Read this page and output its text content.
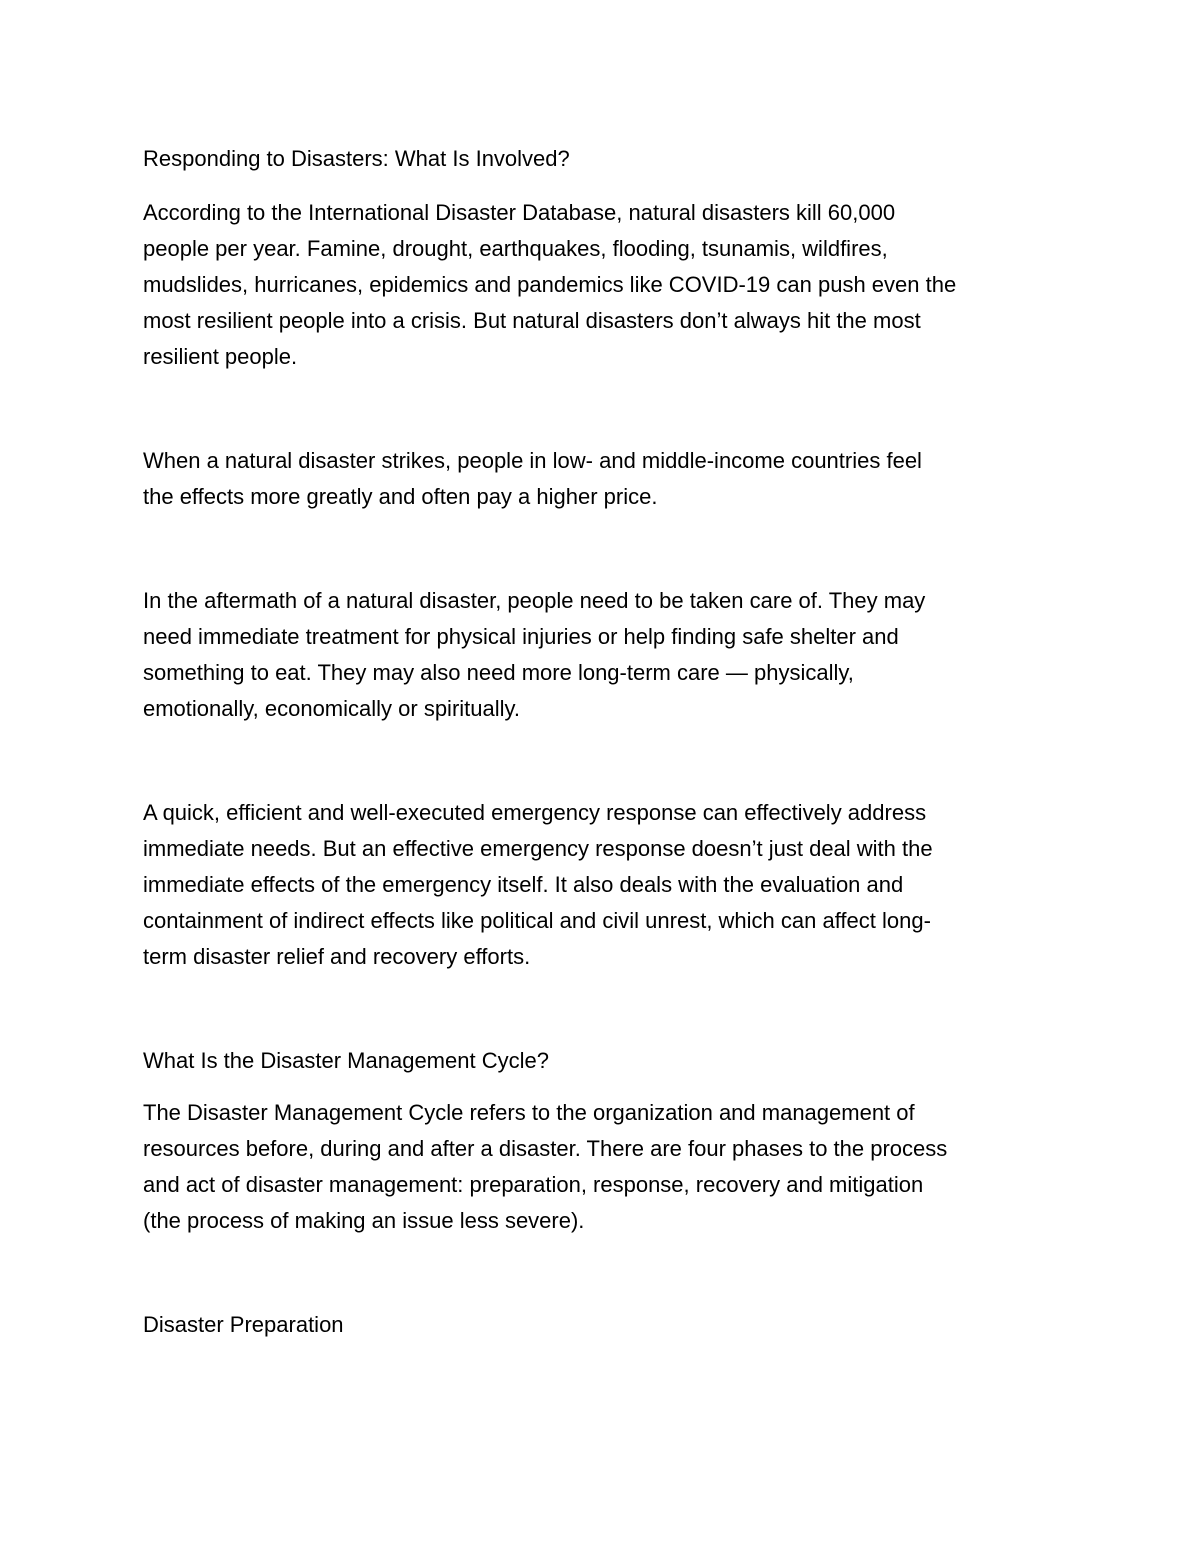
Responding to Disasters: What Is Involved?

According to the International Disaster Database, natural disasters kill 60,000

people per year. Famine, drought, earthquakes, flooding, tsunamis, wildfires,

mudslides, hurricanes, epidemics and pandemics like COVID-19 can push even the

most resilient people into a crisis. But natural disasters don’t always hit the most

resilient people.

When a natural disaster strikes, people in low- and middle-income countries feel

the effects more greatly and often pay a higher price.

In the aftermath of a natural disaster, people need to be taken care of. They may

need immediate treatment for physical injuries or help finding safe shelter and

something to eat. They may also need more long-term care — physically,

emotionally, economically or spiritually.

A quick, efficient and well-executed emergency response can effectively address

immediate needs. But an effective emergency response doesn’t just deal with the

immediate effects of the emergency itself. It also deals with the evaluation and

containment of indirect effects like political and civil unrest, which can affect long-

term disaster relief and recovery efforts.

What Is the Disaster Management Cycle?

The Disaster Management Cycle refers to the organization and management of

resources before, during and after a disaster. There are four phases to the process

and act of disaster management: preparation, response, recovery and mitigation

(the process of making an issue less severe).

Disaster Preparation
